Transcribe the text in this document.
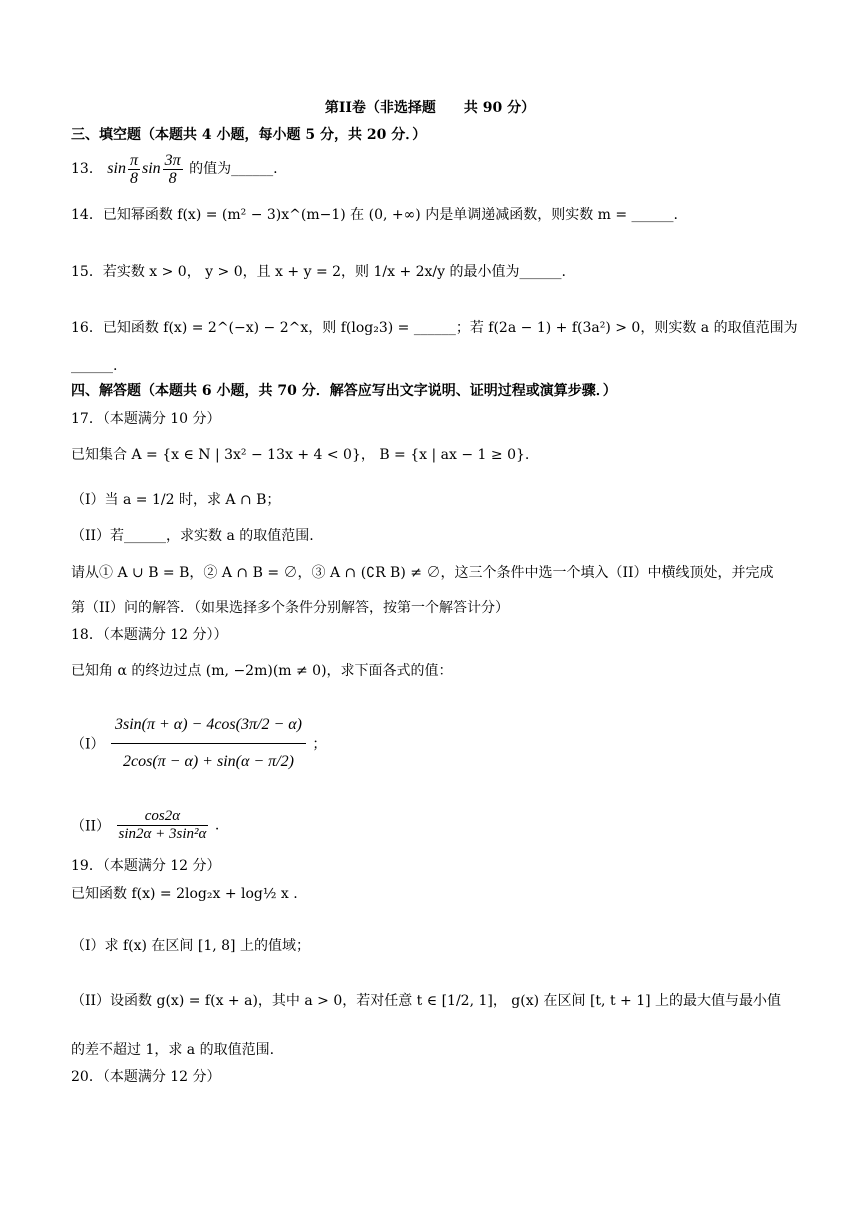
第II卷（非选择题　　共 90 分）
三、填空题（本题共 4 小题，每小题 5 分，共 20 分．）
13． $\sin \frac{\pi}{8}$ $\sin \frac{3\pi}{8}$ 的值为______.
14．已知幂函数 f(x) = (m² − 3)x^(m−1) 在 (0, +∞) 内是单调递减函数，则实数 m = ______.
15．若实数 x > 0， y > 0，且 x + y = 2，则 1/x + 2x/y 的最小值为______.
16．已知函数 f(x) = 2^(−x) − 2^x，则 f(log₂3) = ______；若 f(2a − 1) + f(3a²) > 0，则实数 a 的取值范围为
______.
四、解答题（本题共 6 小题，共 70 分．解答应写出文字说明、证明过程或演算步骤．）
17．（本题满分 10 分）
已知集合 A = {x ∈ N | 3x² − 13x + 4 < 0}， B = {x | ax − 1 ≥ 0}.
（I）当 a = 1/2 时，求 A ∩ B；
（II）若______，求实数 a 的取值范围.
请从① A ∪ B = B，② A ∩ B = ∅，③ A ∩ (∁R B) ≠ ∅，这三个条件中选一个填入（II）中横线顶处，并完成
第（II）问的解答．（如果选择多个条件分别解答，按第一个解答计分）
18．（本题满分 12 分））
已知角 α 的终边过点 (m, −2m)(m ≠ 0)，求下面各式的值：
$(I) \frac{3\sin(\pi + \alpha) - 4\cos(3\pi/2 - \alpha)}{2\cos(\pi - \alpha) + \sin(\alpha - \pi/2)}$ ；
$(II) \frac{\cos 2\alpha}{\text{sin2α + 3sin²α}}$ .
19．（本题满分 12 分）
已知函数 f(x) = 2log₂x + log½ x .
（I）求 f(x) 在区间 [1, 8] 上的值域；
（II）设函数 g(x) = f(x + a)，其中 a > 0，若对任意 t ∈ [1/2, 1]， g(x) 在区间 [t, t + 1] 上的最大值与最小值
的差不超过 1，求 a 的取值范围.
20．（本题满分 12 分）
